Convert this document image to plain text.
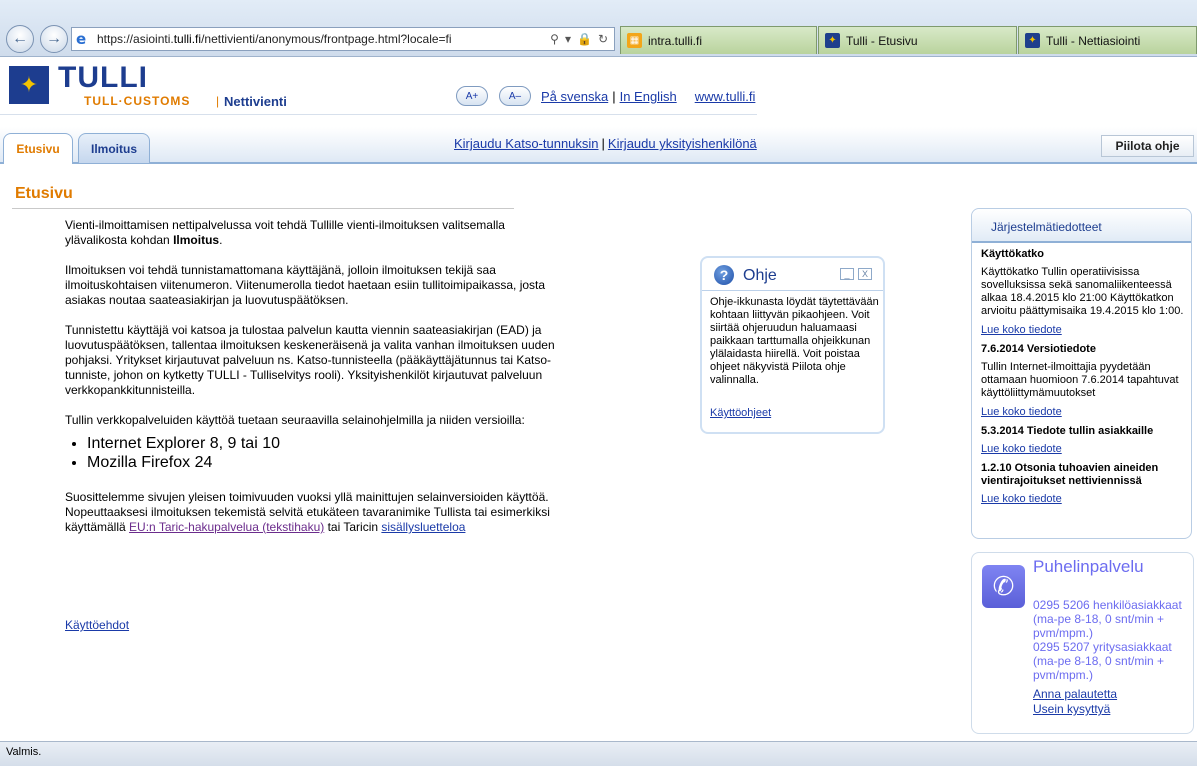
← → e https://asiointi.tulli.fi/nettivienti/anonymous/frontpage.html?locale=fi	⚲ ▾ 🔒 ↻ ▦ intra.tulli.fi	✦ Tulli - Etusivu	✦ Tulli - Nettiasiointi
✦ TULLI
TULL·CUSTOMS | Nettivienti	A+	A–	På svenska | In English www.tulli.fi
Etusivu	Ilmoitus	Kirjaudu Katso-tunnuksin | Kirjaudu yksityishenkilönä	Piilota ohje
Etusivu

Vienti-ilmoittamisen nettipalvelussa voit tehdä Tullille vienti-ilmoituksen valitsemalla ylävalikosta kohdan Ilmoitus.

Ilmoituksen voi tehdä tunnistamattomana käyttäjänä, jolloin ilmoituksen tekijä saa ilmoituskohtaisen viitenumeron. Viitenumerolla tiedot haetaan esiin tullitoimipaikassa, josta asiakas noutaa saateasiakirjan ja luovutuspäätöksen.

Tunnistettu käyttäjä voi katsoa ja tulostaa palvelun kautta viennin saateasiakirjan (EAD) ja luovutuspäätöksen, tallentaa ilmoituksen keskeneräisenä ja valita vanhan ilmoituksen uuden pohjaksi. Yritykset kirjautuvat palveluun ns. Katso-tunnisteella (pääkäyttäjätunnus tai Katso-tunniste, johon on kytketty TULLI - Tulliselvitys rooli). Yksityishenkilöt kirjautuvat palveluun verkkopankkitunnisteilla.

Tullin verkkopalveluiden käyttöä tuetaan seuraavilla selainohjelmilla ja niiden versioilla:

• Internet Explorer 8, 9 tai 10
• Mozilla Firefox 24

Suosittelemme sivujen yleisen toimivuuden vuoksi yllä mainittujen selainversioiden käyttöä.
Nopeuttaaksesi ilmoituksen tekemistä selvitä etukäteen tavaranimike Tullista tai esimerkiksi käyttämällä EU:n Taric-hakupalvelua (tekstihaku) tai Taricin sisällysluetteloa

Käyttöehdot
? Ohje	_	X
Ohje-ikkunasta löydät täytettävään kohtaan liittyvän pikaohjeen. Voit siirtää ohjeruudun haluamaasi paikkaan tarttumalla ohjeikkunan ylälaidasta hiirellä. Voit poistaa ohjeet näkyvistä Piilota ohje valinnalla.
Käyttöohjeet
Järjestelmätiedotteet
Käyttökatko
Käyttökatko Tullin operatiivisissa sovelluksissa sekä sanomaliikenteessä alkaa 18.4.2015 klo 21:00 Käyttökatkon arvioitu päättymisaika 19.4.2015 klo 1:00.
Lue koko tiedote
7.6.2014 Versiotiedote
Tullin Internet-ilmoittajia pyydetään ottamaan huomioon 7.6.2014 tapahtuvat käyttöliittymämuutokset
Lue koko tiedote
5.3.2014 Tiedote tullin asiakkaille
Lue koko tiedote
1.2.10 Otsonia tuhoavien aineiden vientirajoitukset nettiviennissä
Lue koko tiedote
✆
Puhelinpalvelu
0295 5206 henkilöasiakkaat
(ma-pe 8-18, 0 snt/min + pvm/mpm.)
0295 5207 yritysasiakkaat
(ma-pe 8-18, 0 snt/min + pvm/mpm.)
Anna palautetta
Usein kysyttyä
Valmis.
